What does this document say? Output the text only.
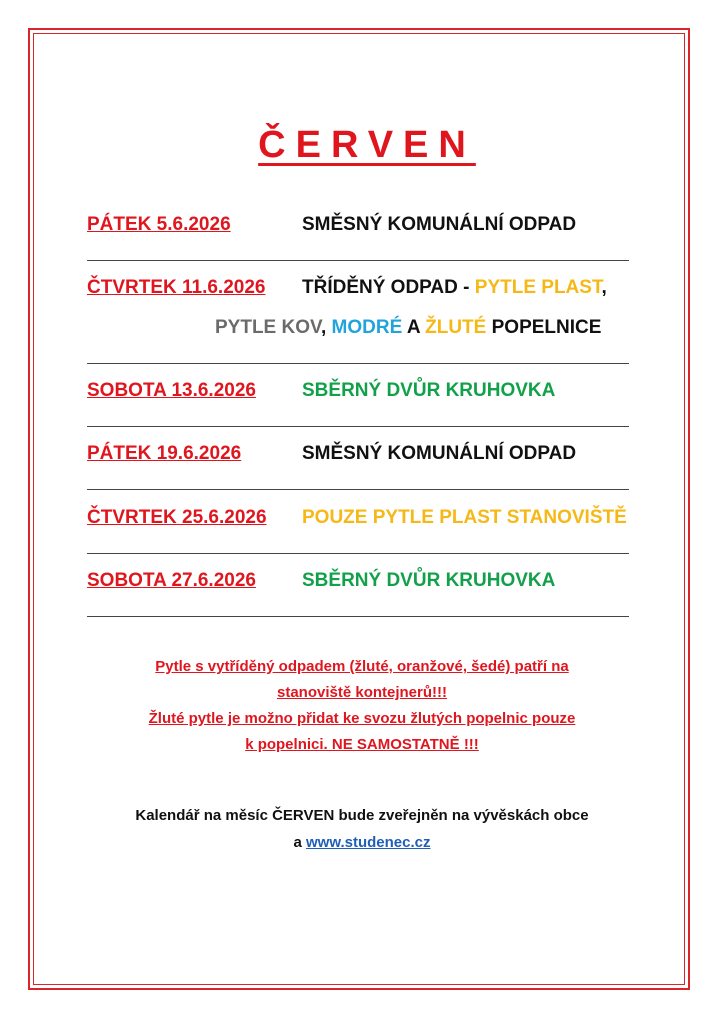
ČERVEN
PÁTEK 5.6.2026	SMĚSNÝ KOMUNÁLNÍ ODPAD
ČTVRTEK 11.6.2026 TŘÍDĚNÝ ODPAD - PYTLE PLAST,
PYTLE KOV, MODRÉ A ŽLUTÉ POPELNICE
SOBOTA 13.6.2026 SBĚRNÝ DVŮR KRUHOVKA
PÁTEK 19.6.2026	SMĚSNÝ KOMUNÁLNÍ ODPAD
ČTVRTEK 25.6.2026 POUZE PYTLE PLAST STANOVIŠTĚ
SOBOTA 27.6.2026 SBĚRNÝ DVŮR KRUHOVKA
Pytle s vytříděný odpadem (žluté, oranžové, šedé) patří na
stanoviště kontejnerů!!!
Žluté pytle je možno přidat ke svozu žlutých popelnic pouze
k popelnici. NE SAMOSTATNĚ !!!
Kalendář na měsíc ČERVEN bude zveřejněn na vývěskách obce
a www.studenec.cz
